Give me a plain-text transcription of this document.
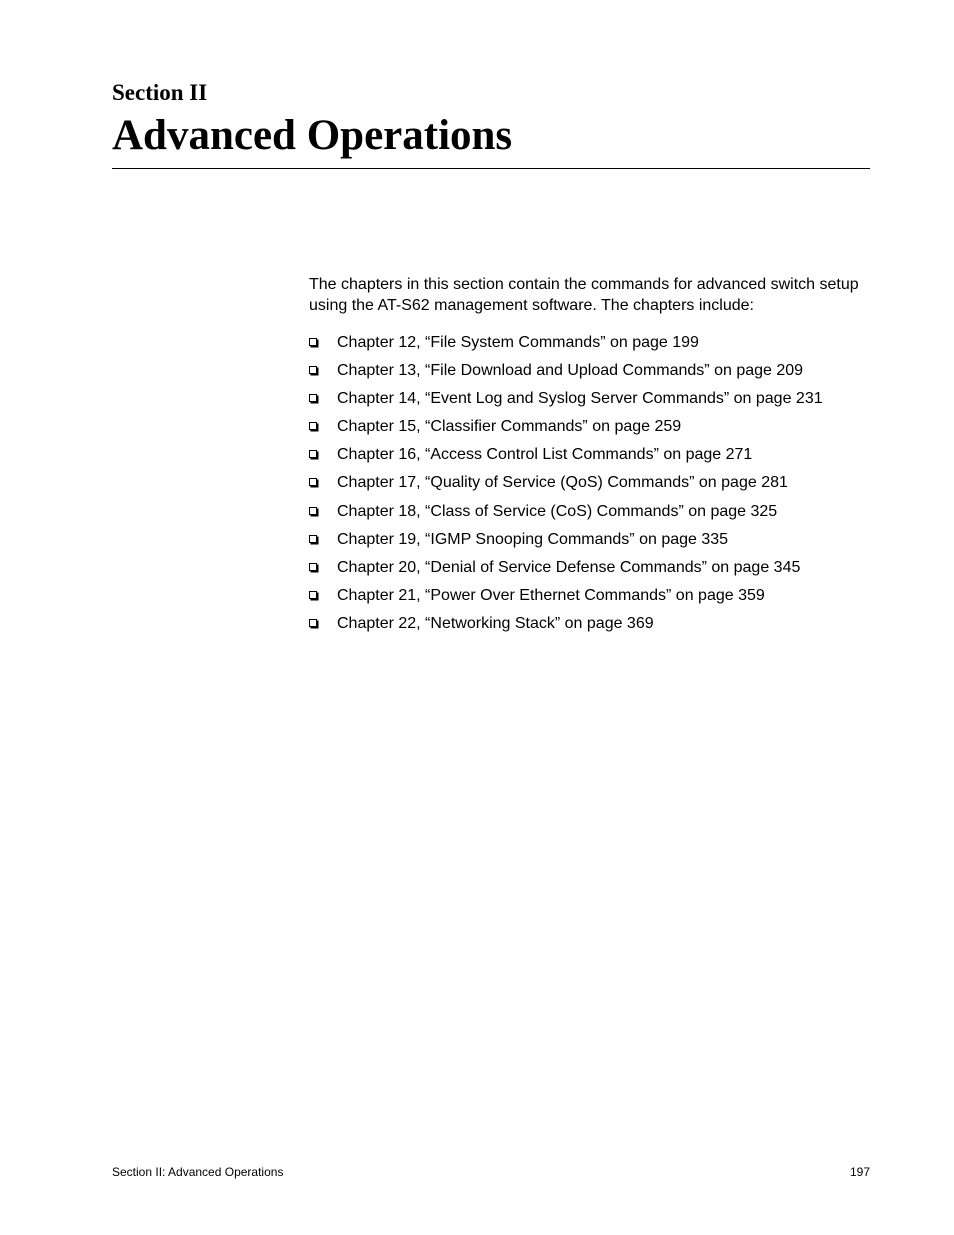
Section II
Advanced Operations

The chapters in this section contain the commands for advanced switch setup using the AT-S62 management software. The chapters include:

Chapter 12, “File System Commands” on page 199
Chapter 13, “File Download and Upload Commands” on page 209
Chapter 14, “Event Log and Syslog Server Commands” on page 231
Chapter 15, “Classifier Commands” on page 259
Chapter 16, “Access Control List Commands” on page 271
Chapter 17, “Quality of Service (QoS) Commands” on page 281
Chapter 18, “Class of Service (CoS) Commands” on page 325
Chapter 19, “IGMP Snooping Commands” on page 335
Chapter 20, “Denial of Service Defense Commands” on page 345
Chapter 21, “Power Over Ethernet Commands” on page 359
Chapter 22, “Networking Stack” on page 369
Section II: Advanced Operations	197
